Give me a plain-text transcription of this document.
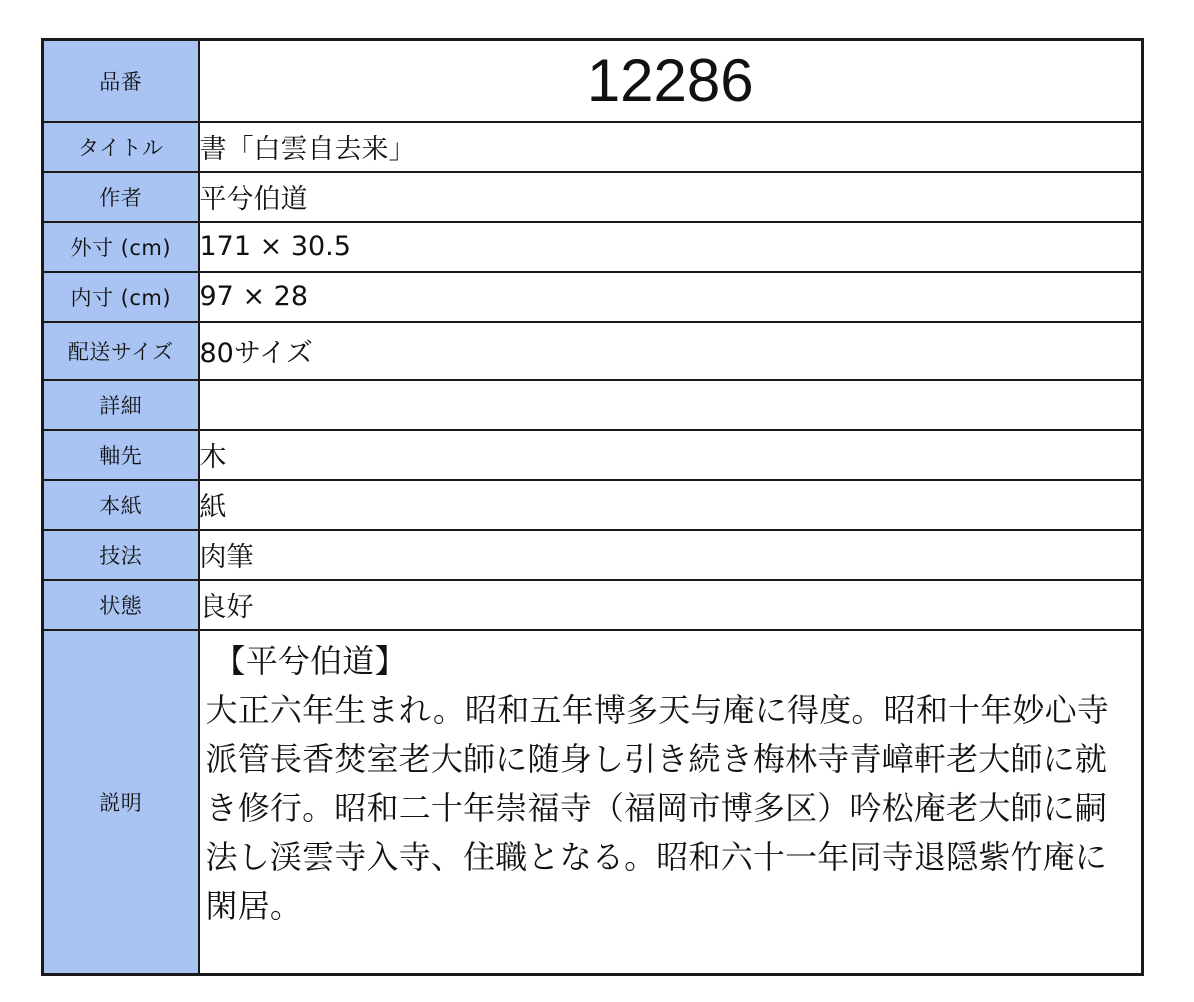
品番	12286
タイトル	書「白雲自去来」
作者	平兮伯道
外寸 (cm)	171 × 30.5
内寸 (cm)	97 × 28
配送サイズ	80サイズ
詳細	
軸先	木
本紙	紙
技法	肉筆
状態	良好
説明	【平兮伯道】
大正六年生まれ。昭和五年博多天与庵に得度。昭和十年妙心寺派管長香焚室老大師に随身し引き続き梅林寺青嶂軒老大師に就き修行。昭和二十年崇福寺（福岡市博多区）吟松庵老大師に嗣法し渓雲寺入寺、住職となる。昭和六十一年同寺退隠紫竹庵に閑居。
